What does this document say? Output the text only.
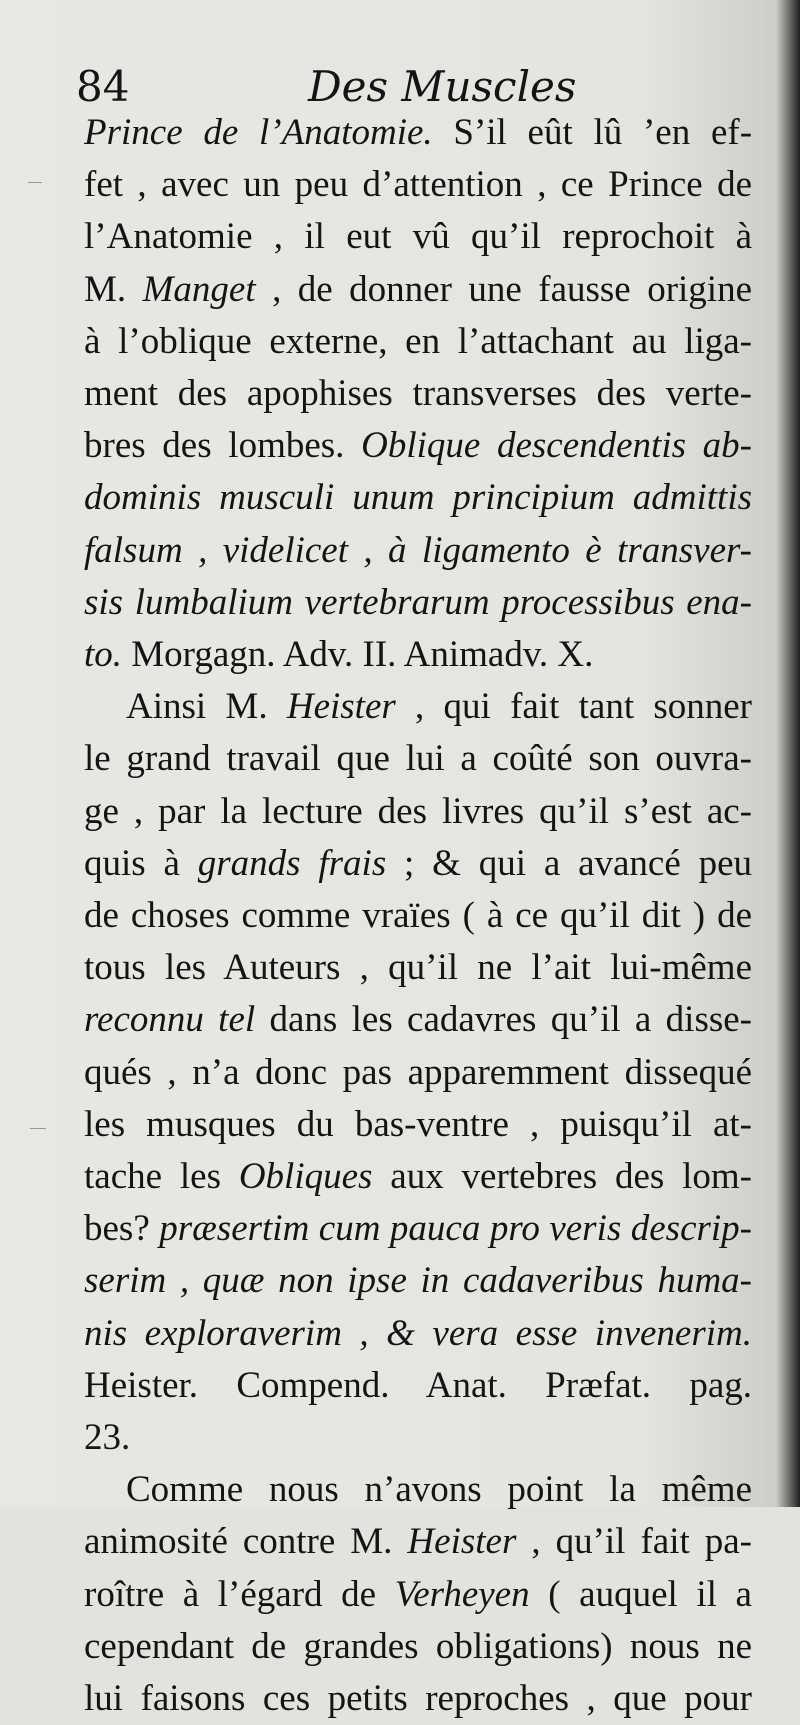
84	Des Muscles
Prince de l’Anatomie. S’il eût lû ’en ef-
fet , avec un peu d’attention , ce Prince de
l’Anatomie , il eut vû qu’il reprochoit à
M. Manget , de donner une fausse origine
à l’oblique externe, en l’attachant au liga-
ment des apophises transverses des verte-
bres des lombes. Oblique descendentis ab-
dominis musculi unum principium admittis
falsum , videlicet , à ligamento è transver-
sis lumbalium vertebrarum processibus ena-
to. Morgagn. Adv. II. Animadv. X.
Ainsi M. Heister , qui fait tant sonner
le grand travail que lui a coûté son ouvra-
ge , par la lecture des livres qu’il s’est ac-
quis à grands frais ; & qui a avancé peu
de choses comme vraïes ( à ce qu’il dit ) de
tous les Auteurs , qu’il ne l’ait lui-même
reconnu tel dans les cadavres qu’il a disse-
qués , n’a donc pas apparemment dissequé
les musques du bas-ventre , puisqu’il at-
tache les Obliques aux vertebres des lom-
bes? præsertim cum pauca pro veris descrip-
serim , quæ non ipse in cadaveribus huma-
nis exploraverim , & vera esse invenerim.
Heister. Compend. Anat. Præfat. pag.
23.
Comme nous n’avons point la même
animosité contre M. Heister , qu’il fait pa-
roître à l’égard de Verheyen ( auquel il a
cependant de grandes obligations) nous ne
lui faisons ces petits reproches , que pour
